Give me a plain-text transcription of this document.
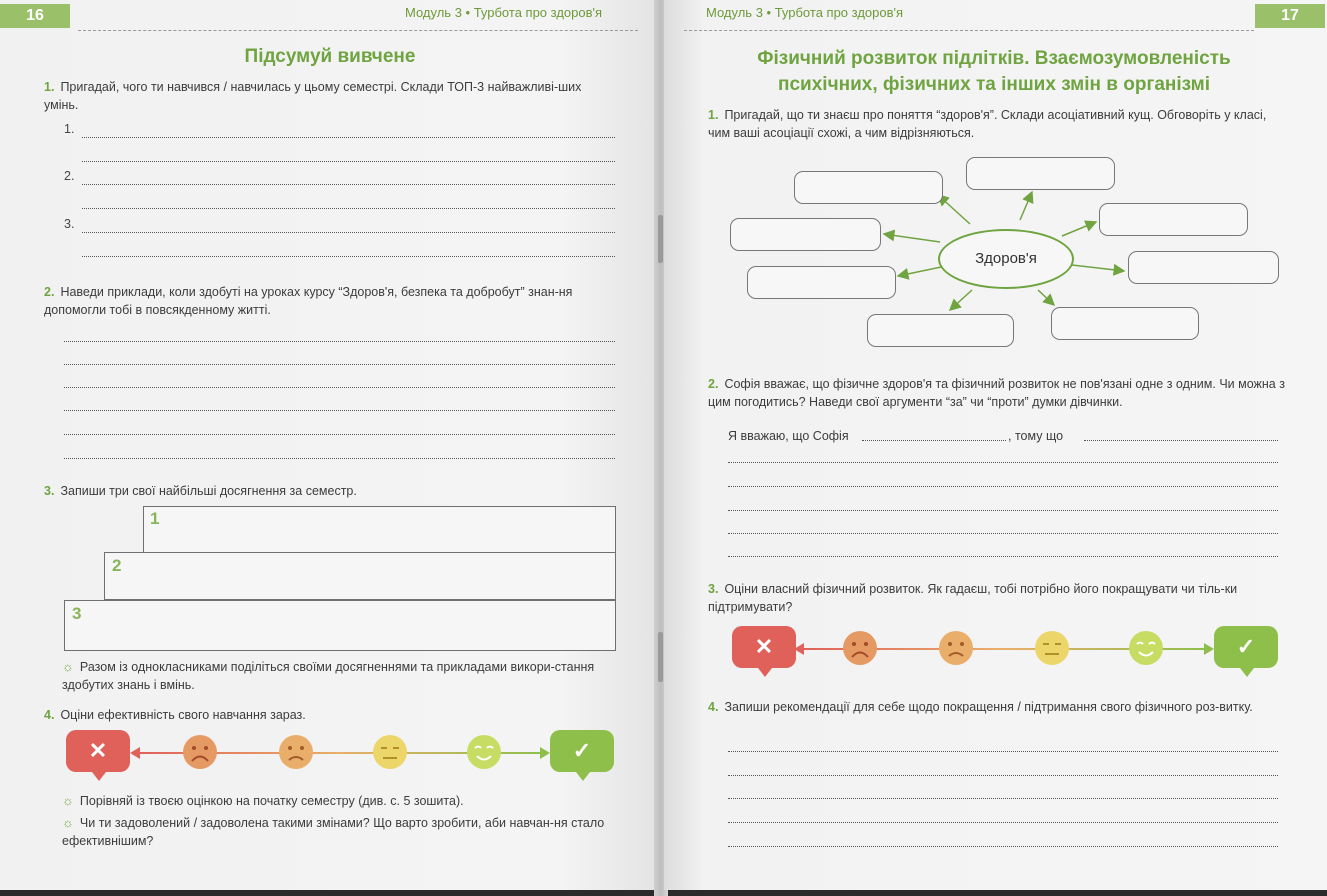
16	Модуль 3 • Турбота про здоров'я
Підсумуй вивчене
1. Пригадай, чого ти навчився / навчилась у цьому семестрі. Склади ТОП-3 найважливі-ших умінь.
1.
2.
3.
2. Наведи приклади, коли здобуті на уроках курсу “Здоров'я, безпека та добробут” знан-ня допомогли тобі в повсякденному житті.
3. Запиши три свої найбільші досягнення за семестр.
1
2
3
☼ Разом із однокласниками поділіться своїми досягненнями та прикладами викори-стання здобутих знань і вмінь.
4. Оціни ефективність свого навчання зараз.
✕	✓
☼ Порівняй із твоєю оцінкою на початку семестру (див. с. 5 зошита).
☼ Чи ти задоволений / задоволена такими змінами? Що варто зробити, аби навчан-ня стало ефективнішим?
Модуль 3 • Турбота про здоров'я	17
Фізичний розвиток підлітків. Взаємозумовленість
психічних, фізичних та інших змін в організмі
1. Пригадай, що ти знаєш про поняття “здоров'я”. Склади асоціативний кущ. Обговоріть у класі, чим ваші асоціації схожі, а чим відрізняються.
Здоров'я
2. Софія вважає, що фізичне здоров'я та фізичний розвиток не пов'язані одне з одним. Чи можна з цим погодитись? Наведи свої аргументи “за” чи “проти” думки дівчинки.
Я вважаю, що Софія	, тому що
3. Оціни власний фізичний розвиток. Як гадаєш, тобі потрібно його покращувати чи тіль-ки підтримувати?
✕	✓
4. Запиши рекомендації для себе щодо покращення / підтримання свого фізичного роз-витку.
